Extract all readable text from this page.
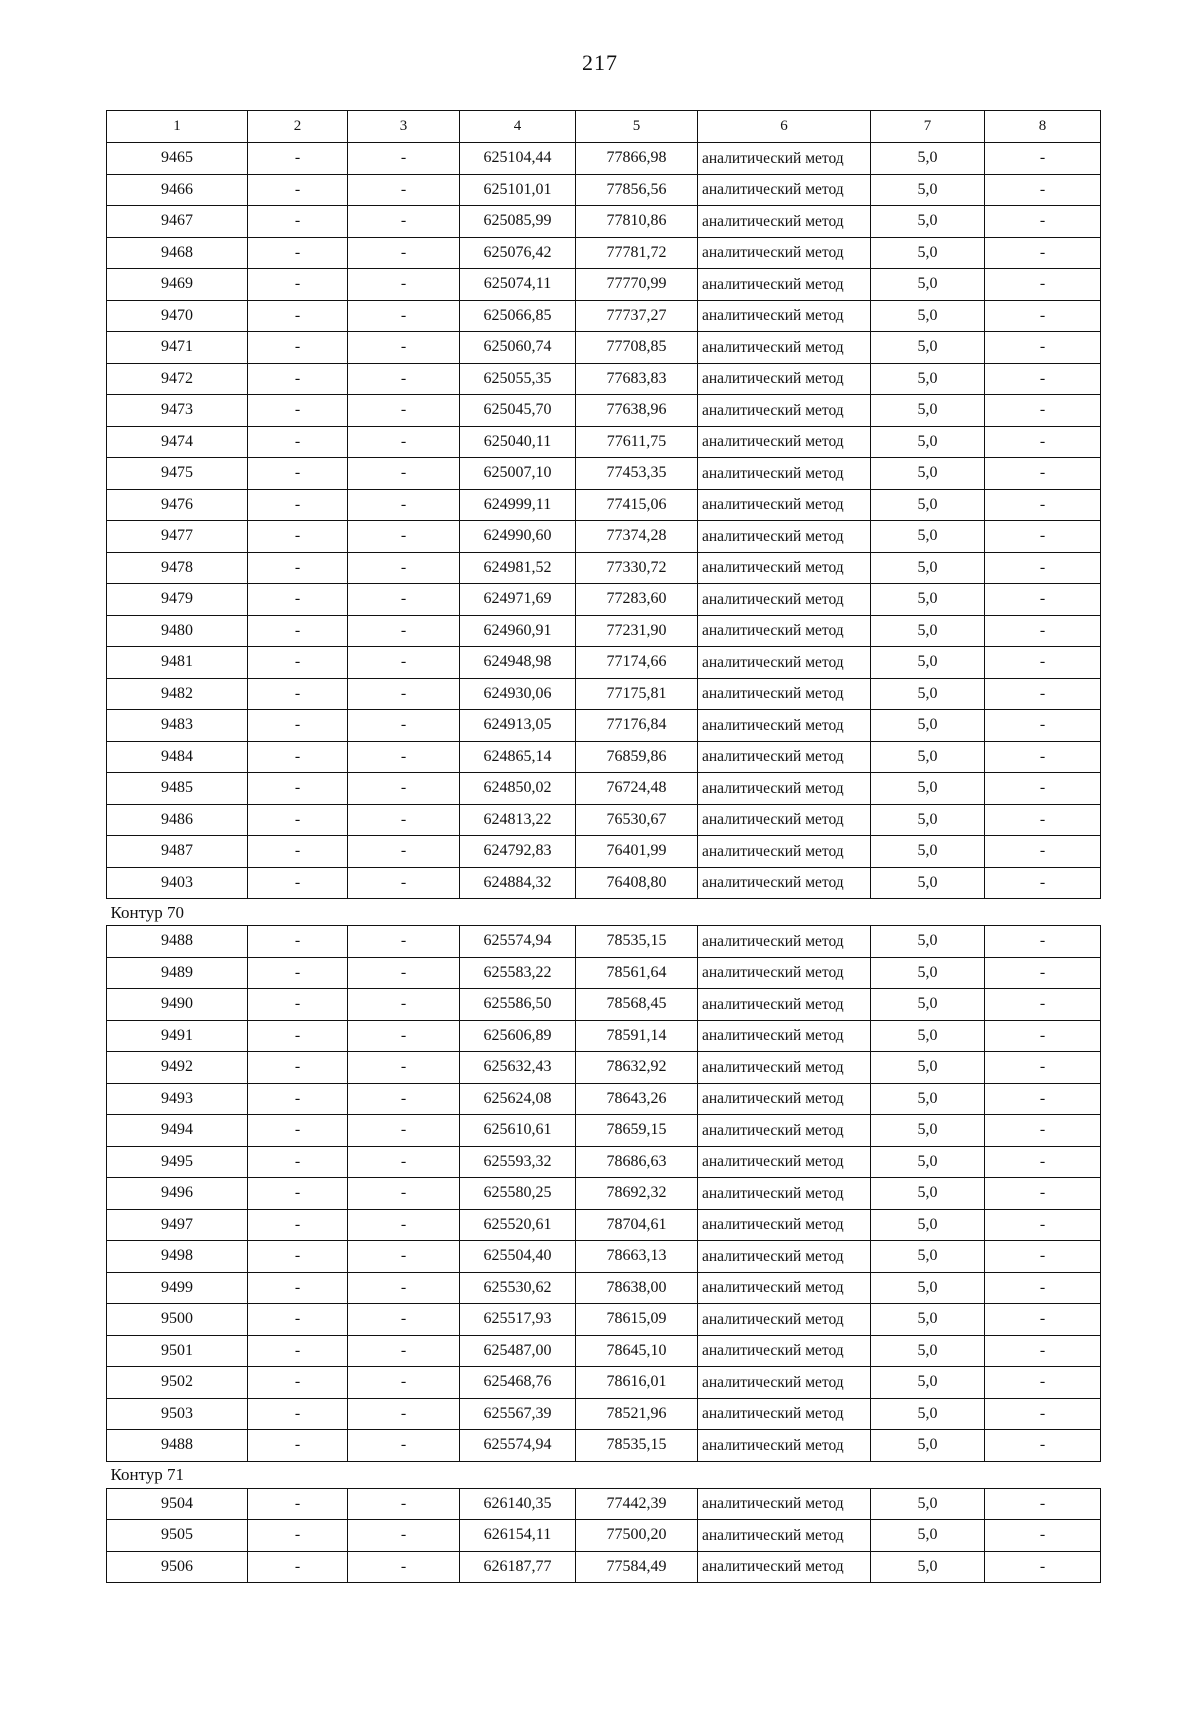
217
1	2	3	4	5	6	7	8
9465	-	-	625104,44	77866,98	аналитический метод	5,0	-
9466	-	-	625101,01	77856,56	аналитический метод	5,0	-
9467	-	-	625085,99	77810,86	аналитический метод	5,0	-
9468	-	-	625076,42	77781,72	аналитический метод	5,0	-
9469	-	-	625074,11	77770,99	аналитический метод	5,0	-
9470	-	-	625066,85	77737,27	аналитический метод	5,0	-
9471	-	-	625060,74	77708,85	аналитический метод	5,0	-
9472	-	-	625055,35	77683,83	аналитический метод	5,0	-
9473	-	-	625045,70	77638,96	аналитический метод	5,0	-
9474	-	-	625040,11	77611,75	аналитический метод	5,0	-
9475	-	-	625007,10	77453,35	аналитический метод	5,0	-
9476	-	-	624999,11	77415,06	аналитический метод	5,0	-
9477	-	-	624990,60	77374,28	аналитический метод	5,0	-
9478	-	-	624981,52	77330,72	аналитический метод	5,0	-
9479	-	-	624971,69	77283,60	аналитический метод	5,0	-
9480	-	-	624960,91	77231,90	аналитический метод	5,0	-
9481	-	-	624948,98	77174,66	аналитический метод	5,0	-
9482	-	-	624930,06	77175,81	аналитический метод	5,0	-
9483	-	-	624913,05	77176,84	аналитический метод	5,0	-
9484	-	-	624865,14	76859,86	аналитический метод	5,0	-
9485	-	-	624850,02	76724,48	аналитический метод	5,0	-
9486	-	-	624813,22	76530,67	аналитический метод	5,0	-
9487	-	-	624792,83	76401,99	аналитический метод	5,0	-
9403	-	-	624884,32	76408,80	аналитический метод	5,0	-
Контур 70							
9488	-	-	625574,94	78535,15	аналитический метод	5,0	-
9489	-	-	625583,22	78561,64	аналитический метод	5,0	-
9490	-	-	625586,50	78568,45	аналитический метод	5,0	-
9491	-	-	625606,89	78591,14	аналитический метод	5,0	-
9492	-	-	625632,43	78632,92	аналитический метод	5,0	-
9493	-	-	625624,08	78643,26	аналитический метод	5,0	-
9494	-	-	625610,61	78659,15	аналитический метод	5,0	-
9495	-	-	625593,32	78686,63	аналитический метод	5,0	-
9496	-	-	625580,25	78692,32	аналитический метод	5,0	-
9497	-	-	625520,61	78704,61	аналитический метод	5,0	-
9498	-	-	625504,40	78663,13	аналитический метод	5,0	-
9499	-	-	625530,62	78638,00	аналитический метод	5,0	-
9500	-	-	625517,93	78615,09	аналитический метод	5,0	-
9501	-	-	625487,00	78645,10	аналитический метод	5,0	-
9502	-	-	625468,76	78616,01	аналитический метод	5,0	-
9503	-	-	625567,39	78521,96	аналитический метод	5,0	-
9488	-	-	625574,94	78535,15	аналитический метод	5,0	-
Контур 71							
9504	-	-	626140,35	77442,39	аналитический метод	5,0	-
9505	-	-	626154,11	77500,20	аналитический метод	5,0	-
9506	-	-	626187,77	77584,49	аналитический метод	5,0	-
